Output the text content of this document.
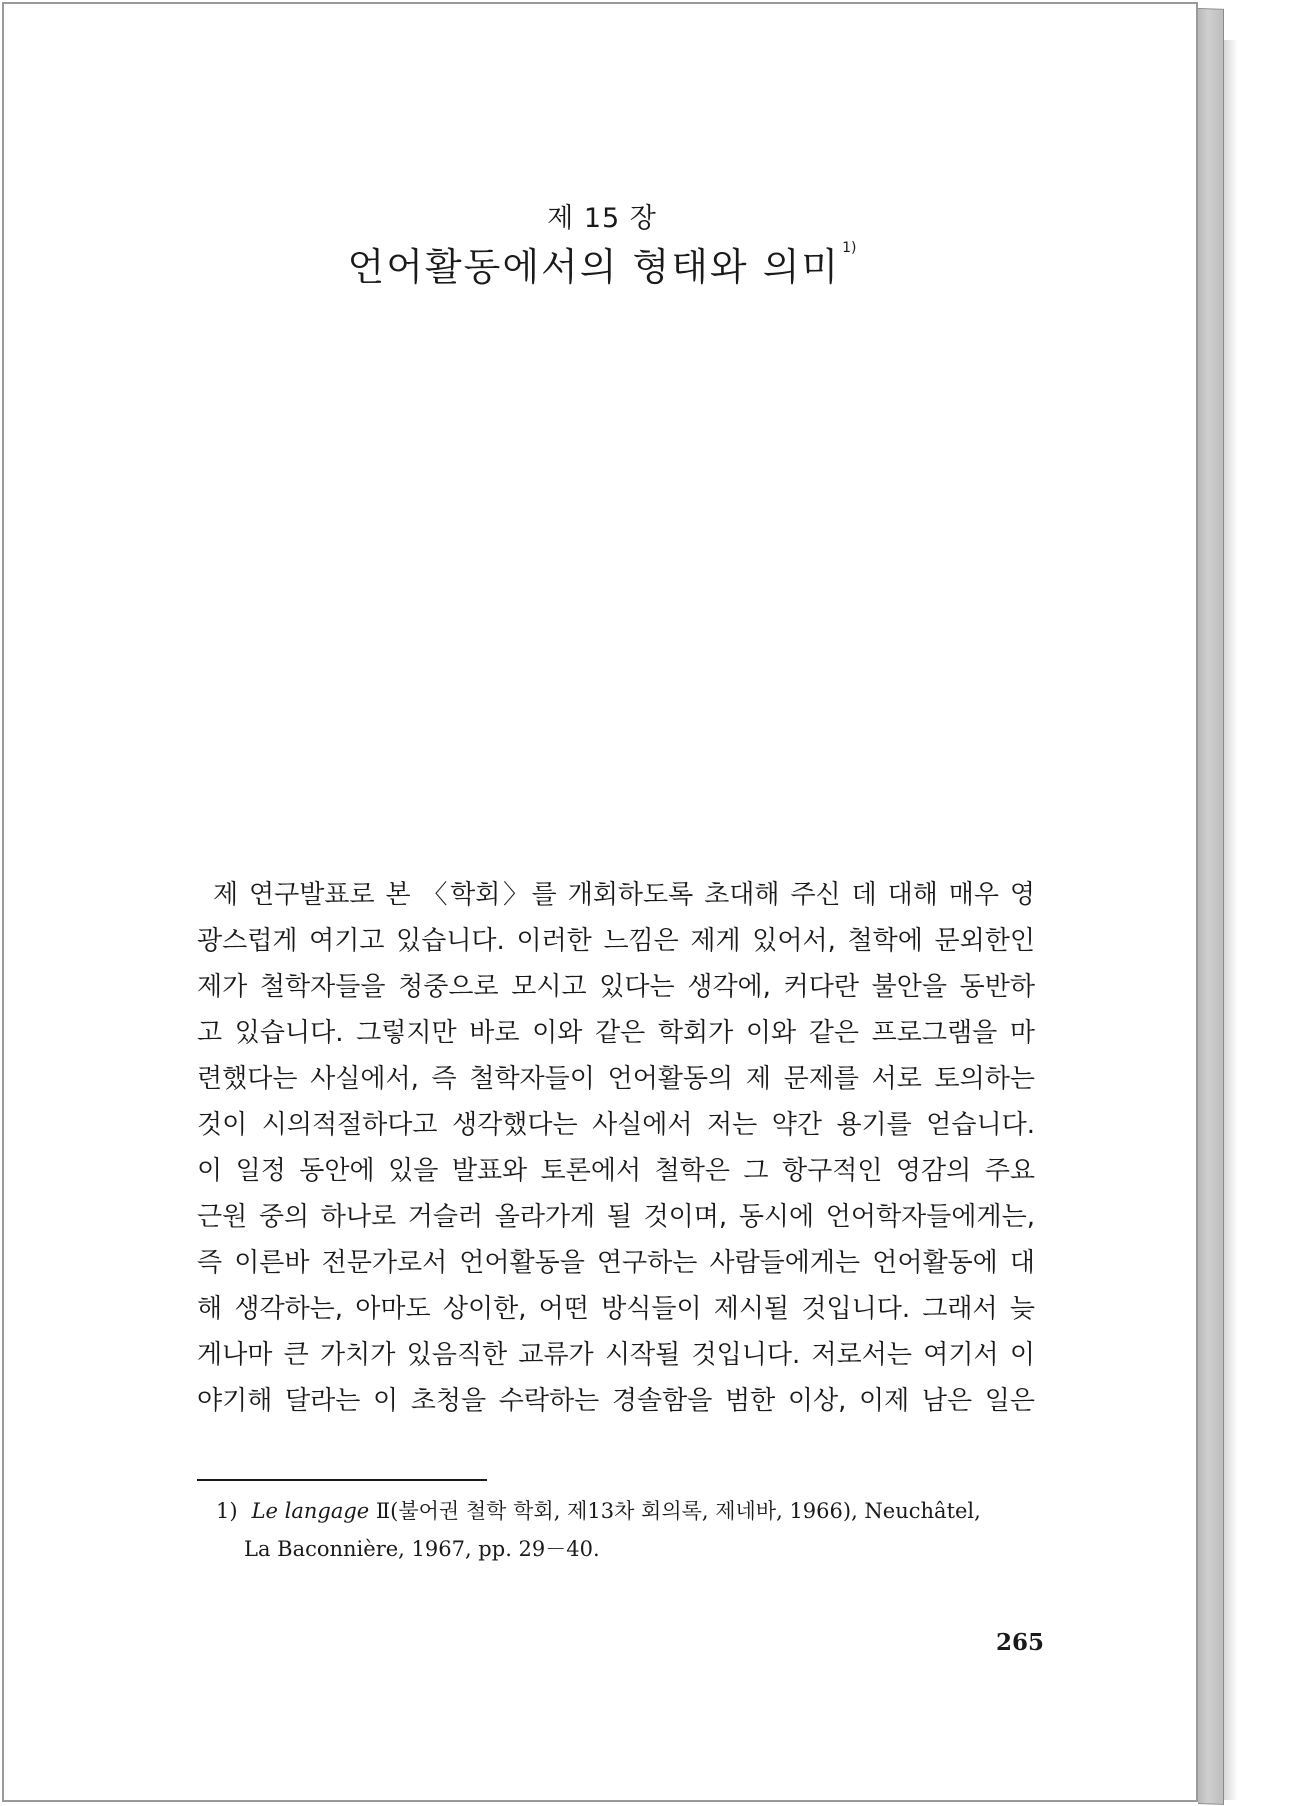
제 15 장
언어활동에서의 형태와 의미 $^{1)}$
제 연구발표로 본 〈학회〉를 개회하도록 초대해 주신 데 대해 매우 영
광스럽게 여기고 있습니다. 이러한 느낌은 제게 있어서, 철학에 문외한인
제가 철학자들을 청중으로 모시고 있다는 생각에, 커다란 불안을 동반하
고 있습니다. 그렇지만 바로 이와 같은 학회가 이와 같은 프로그램을 마
련했다는 사실에서, 즉 철학자들이 언어활동의 제 문제를 서로 토의하는
것이 시의적절하다고 생각했다는 사실에서 저는 약간 용기를 얻습니다.
이 일정 동안에 있을 발표와 토론에서 철학은 그 항구적인 영감의 주요
근원 중의 하나로 거슬러 올라가게 될 것이며, 동시에 언어학자들에게는,
즉 이른바 전문가로서 언어활동을 연구하는 사람들에게는 언어활동에 대
해 생각하는, 아마도 상이한, 어떤 방식들이 제시될 것입니다. 그래서 늦
게나마 큰 가치가 있음직한 교류가 시작될 것입니다. 저로서는 여기서 이
야기해 달라는 이 초청을 수락하는 경솔함을 범한 이상, 이제 남은 일은
1) Le langage Ⅱ(불어권 철학 학회, 제13차 회의록, 제네바, 1966), Neuchâtel,
La Baconnière, 1967, pp. 29－40.
265
